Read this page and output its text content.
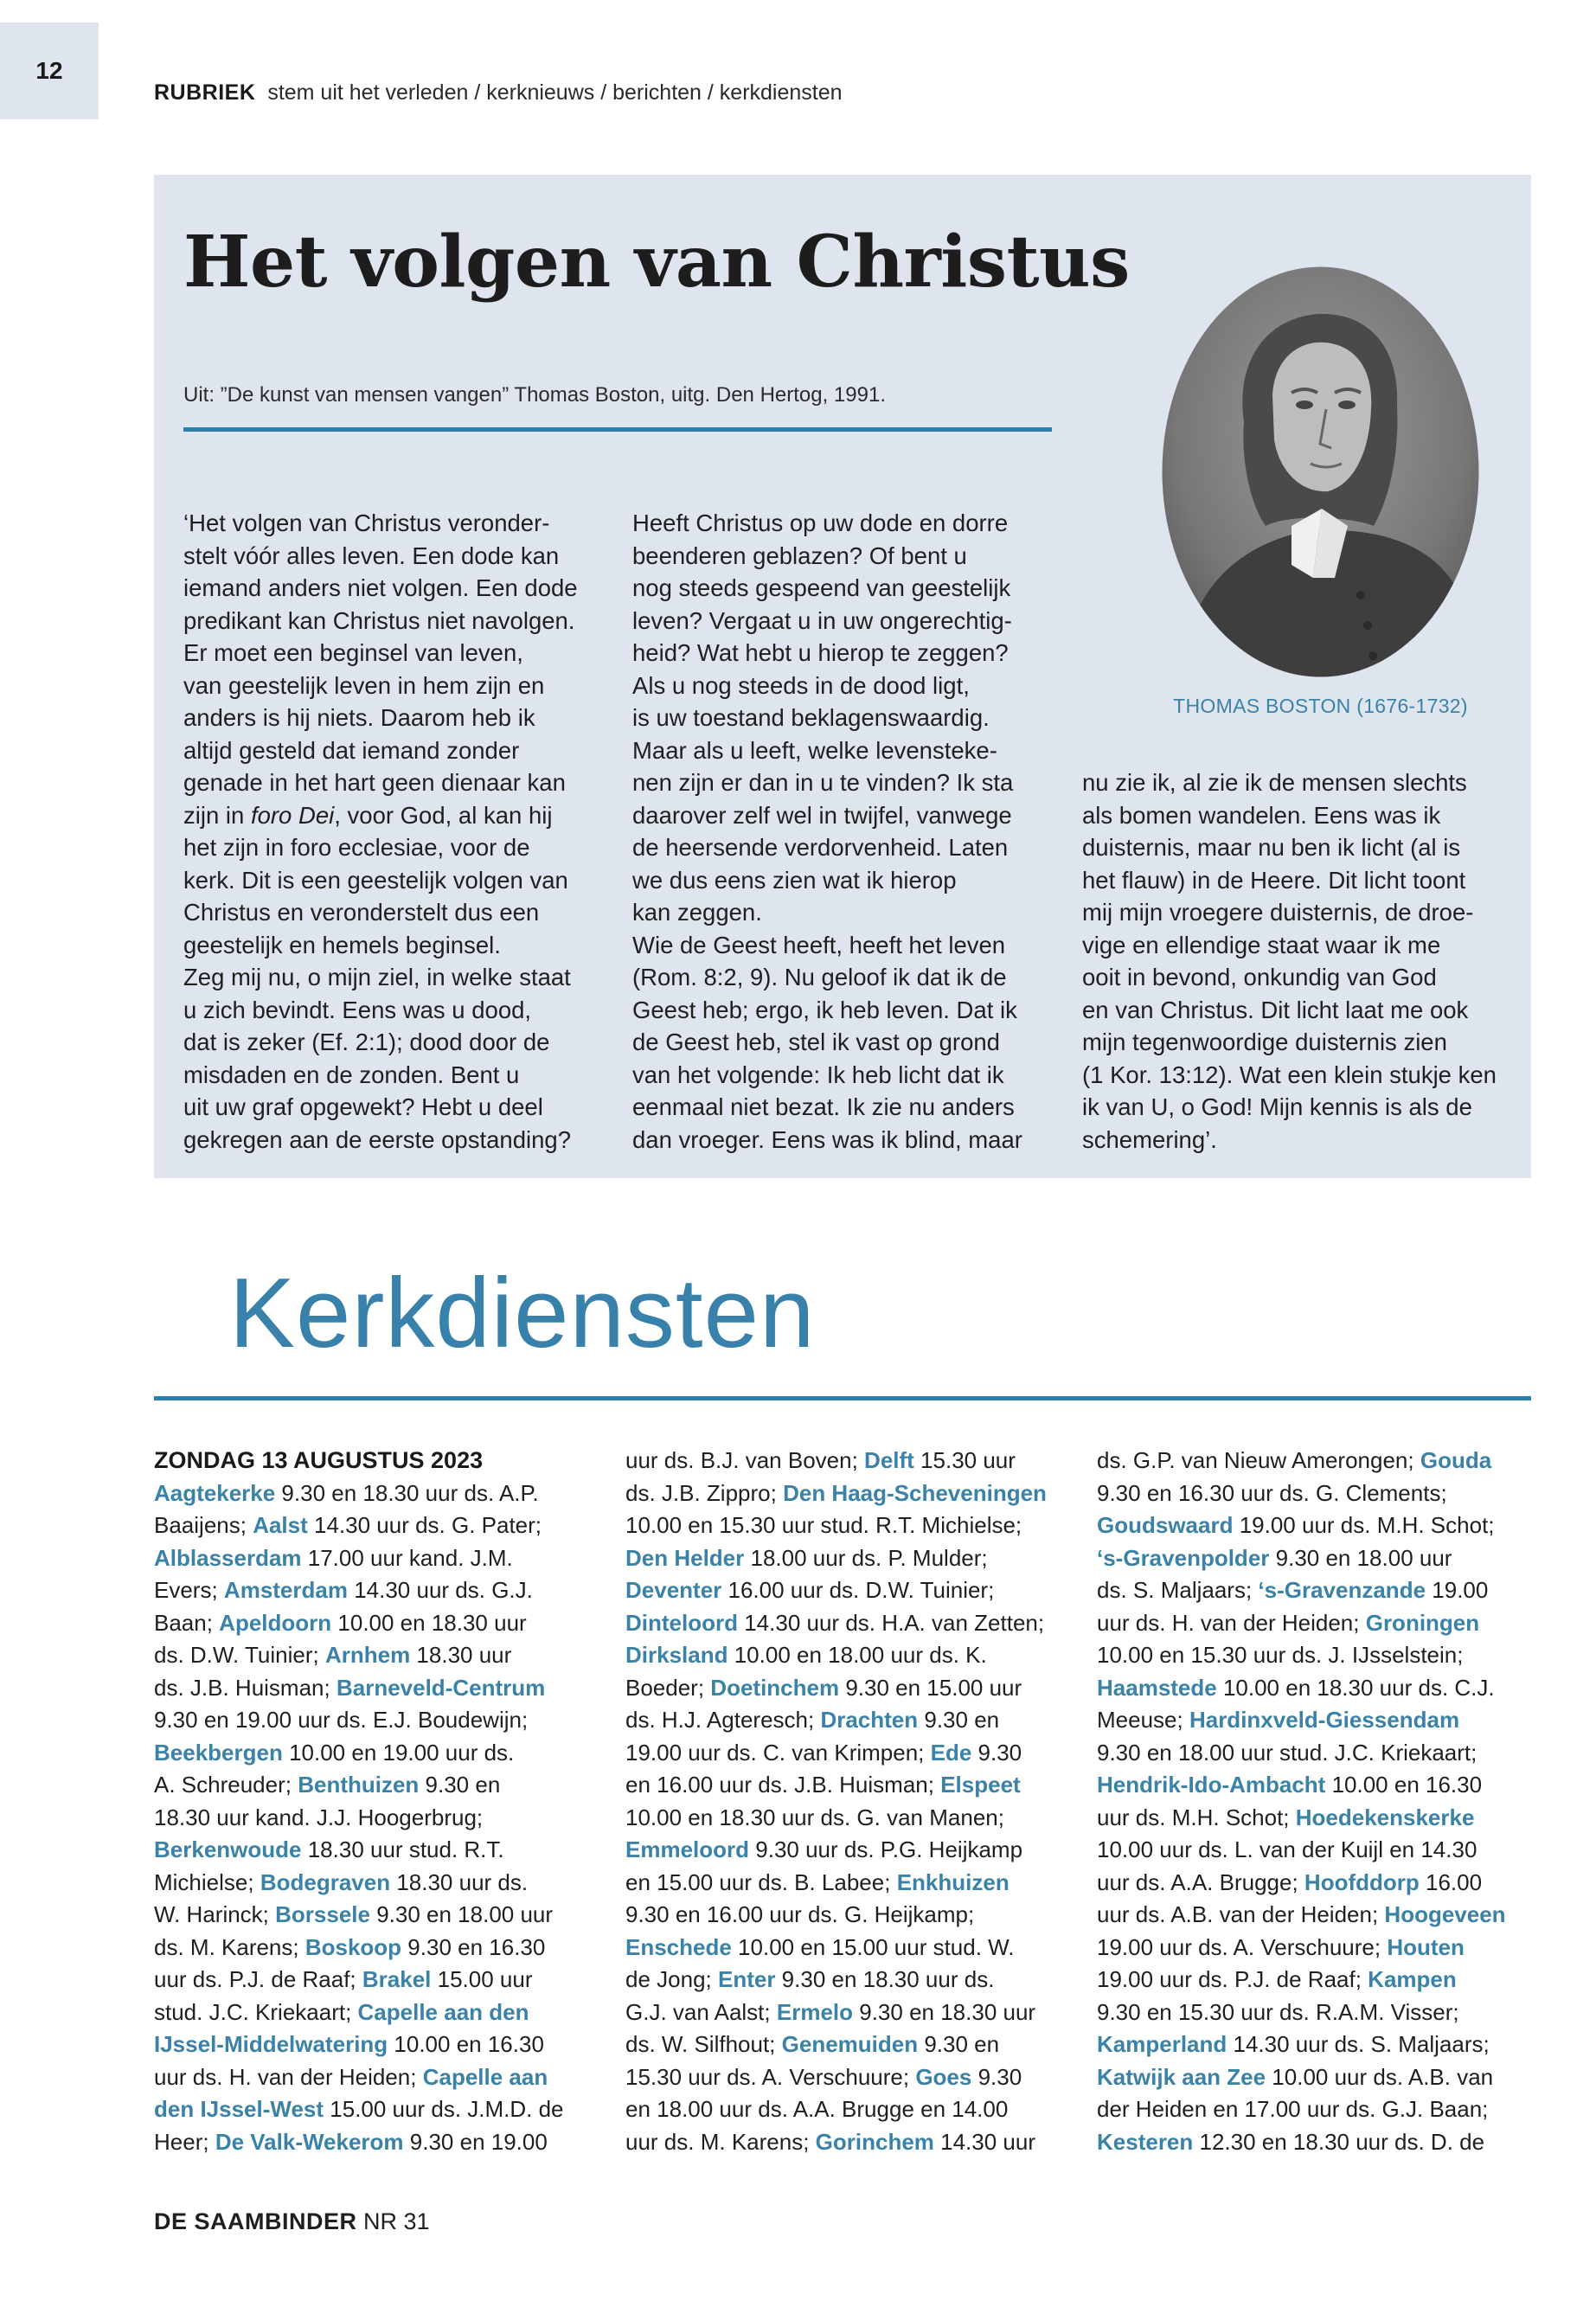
12
RUBRIEK stem uit het verleden / kerknieuws / berichten / kerkdiensten
Het volgen van Christus
Uit: ”De kunst van mensen vangen” Thomas Boston, uitg. Den Hertog, 1991.
THOMAS BOSTON (1676-1732)

‘Het volgen van Christus veronder-

stelt vóór alles leven. Een dode kan

iemand anders niet volgen. Een dode

predikant kan Christus niet navolgen.

Er moet een beginsel van leven,

van geestelijk leven in hem zijn en

anders is hij niets. Daarom heb ik

altijd gesteld dat iemand zonder

genade in het hart geen dienaar kan

zijn in foro Dei, voor God, al kan hij

het zijn in foro ecclesiae, voor de

kerk. Dit is een geestelijk volgen van

Christus en veronderstelt dus een

geestelijk en hemels beginsel.

Zeg mij nu, o mijn ziel, in welke staat

u zich bevindt. Eens was u dood,

dat is zeker (Ef. 2:1); dood door de

misdaden en de zonden. Bent u

uit uw graf opgewekt? Hebt u deel

gekregen aan de eerste opstanding?

Heeft Christus op uw dode en dorre

beenderen geblazen? Of bent u

nog steeds gespeend van geestelijk

leven? Vergaat u in uw ongerechtig-

heid? Wat hebt u hierop te zeggen?

Als u nog steeds in de dood ligt,

is uw toestand beklagenswaardig.

Maar als u leeft, welke levensteke-

nen zijn er dan in u te vinden? Ik sta

daarover zelf wel in twijfel, vanwege

de heersende verdorvenheid. Laten

we dus eens zien wat ik hierop

kan zeggen.

Wie de Geest heeft, heeft het leven

(Rom. 8:2, 9). Nu geloof ik dat ik de

Geest heb; ergo, ik heb leven. Dat ik

de Geest heb, stel ik vast op grond

van het volgende: Ik heb licht dat ik

eenmaal niet bezat. Ik zie nu anders

dan vroeger. Eens was ik blind, maar

nu zie ik, al zie ik de mensen slechts

als bomen wandelen. Eens was ik

duisternis, maar nu ben ik licht (al is

het flauw) in de Heere. Dit licht toont

mij mijn vroegere duisternis, de droe-

vige en ellendige staat waar ik me

ooit in bevond, onkundig van God

en van Christus. Dit licht laat me ook

mijn tegenwoordige duisternis zien

(1 Kor. 13:12). Wat een klein stukje ken

ik van U, o God! Mijn kennis is als de

schemering’.

Kerkdiensten

ZONDAG 13 AUGUSTUS 2023

Aagtekerke 9.30 en 18.30 uur ds. A.P.

Baaijens; Aalst 14.30 uur ds. G. Pater;

Alblasserdam 17.00 uur kand. J.M.

Evers; Amsterdam 14.30 uur ds. G.J.

Baan; Apeldoorn 10.00 en 18.30 uur

ds. D.W. Tuinier; Arnhem 18.30 uur

ds. J.B. Huisman; Barneveld-Centrum

9.30 en 19.00 uur ds. E.J. Boudewijn;

Beekbergen 10.00 en 19.00 uur ds.

A. Schreuder; Benthuizen 9.30 en

18.30 uur kand. J.J. Hoogerbrug;

Berkenwoude 18.30 uur stud. R.T.

Michielse; Bodegraven 18.30 uur ds.

W. Harinck; Borssele 9.30 en 18.00 uur

ds. M. Karens; Boskoop 9.30 en 16.30

uur ds. P.J. de Raaf; Brakel 15.00 uur

stud. J.C. Kriekaart; Capelle aan den

IJssel-Middelwatering 10.00 en 16.30

uur ds. H. van der Heiden; Capelle aan

den IJssel-West 15.00 uur ds. J.M.D. de

Heer; De Valk-Wekerom 9.30 en 19.00

uur ds. B.J. van Boven; Delft 15.30 uur

ds. J.B. Zippro; Den Haag-Scheveningen

10.00 en 15.30 uur stud. R.T. Michielse;

Den Helder 18.00 uur ds. P. Mulder;

Deventer 16.00 uur ds. D.W. Tuinier;

Dinteloord 14.30 uur ds. H.A. van Zetten;

Dirksland 10.00 en 18.00 uur ds. K.

Boeder; Doetinchem 9.30 en 15.00 uur

ds. H.J. Agteresch; Drachten 9.30 en

19.00 uur ds. C. van Krimpen; Ede 9.30

en 16.00 uur ds. J.B. Huisman; Elspeet

10.00 en 18.30 uur ds. G. van Manen;

Emmeloord 9.30 uur ds. P.G. Heijkamp

en 15.00 uur ds. B. Labee; Enkhuizen

9.30 en 16.00 uur ds. G. Heijkamp;

Enschede 10.00 en 15.00 uur stud. W.

de Jong; Enter 9.30 en 18.30 uur ds.

G.J. van Aalst; Ermelo 9.30 en 18.30 uur

ds. W. Silfhout; Genemuiden 9.30 en

15.30 uur ds. A. Verschuure; Goes 9.30

en 18.00 uur ds. A.A. Brugge en 14.00

uur ds. M. Karens; Gorinchem 14.30 uur

ds. G.P. van Nieuw Amerongen; Gouda

9.30 en 16.30 uur ds. G. Clements;

Goudswaard 19.00 uur ds. M.H. Schot;

‘s-Gravenpolder 9.30 en 18.00 uur

ds. S. Maljaars; ‘s-Gravenzande 19.00

uur ds. H. van der Heiden; Groningen

10.00 en 15.30 uur ds. J. IJsselstein;

Haamstede 10.00 en 18.30 uur ds. C.J.

Meeuse; Hardinxveld-Giessendam

9.30 en 18.00 uur stud. J.C. Kriekaart;

Hendrik-Ido-Ambacht 10.00 en 16.30

uur ds. M.H. Schot; Hoedekenskerke

10.00 uur ds. L. van der Kuijl en 14.30

uur ds. A.A. Brugge; Hoofddorp 16.00

uur ds. A.B. van der Heiden; Hoogeveen

19.00 uur ds. A. Verschuure; Houten

19.00 uur ds. P.J. de Raaf; Kampen

9.30 en 15.30 uur ds. R.A.M. Visser;

Kamperland 14.30 uur ds. S. Maljaars;

Katwijk aan Zee 10.00 uur ds. A.B. van

der Heiden en 17.00 uur ds. G.J. Baan;

Kesteren 12.30 en 18.30 uur ds. D. de

DE SAAMBINDER NR 31
